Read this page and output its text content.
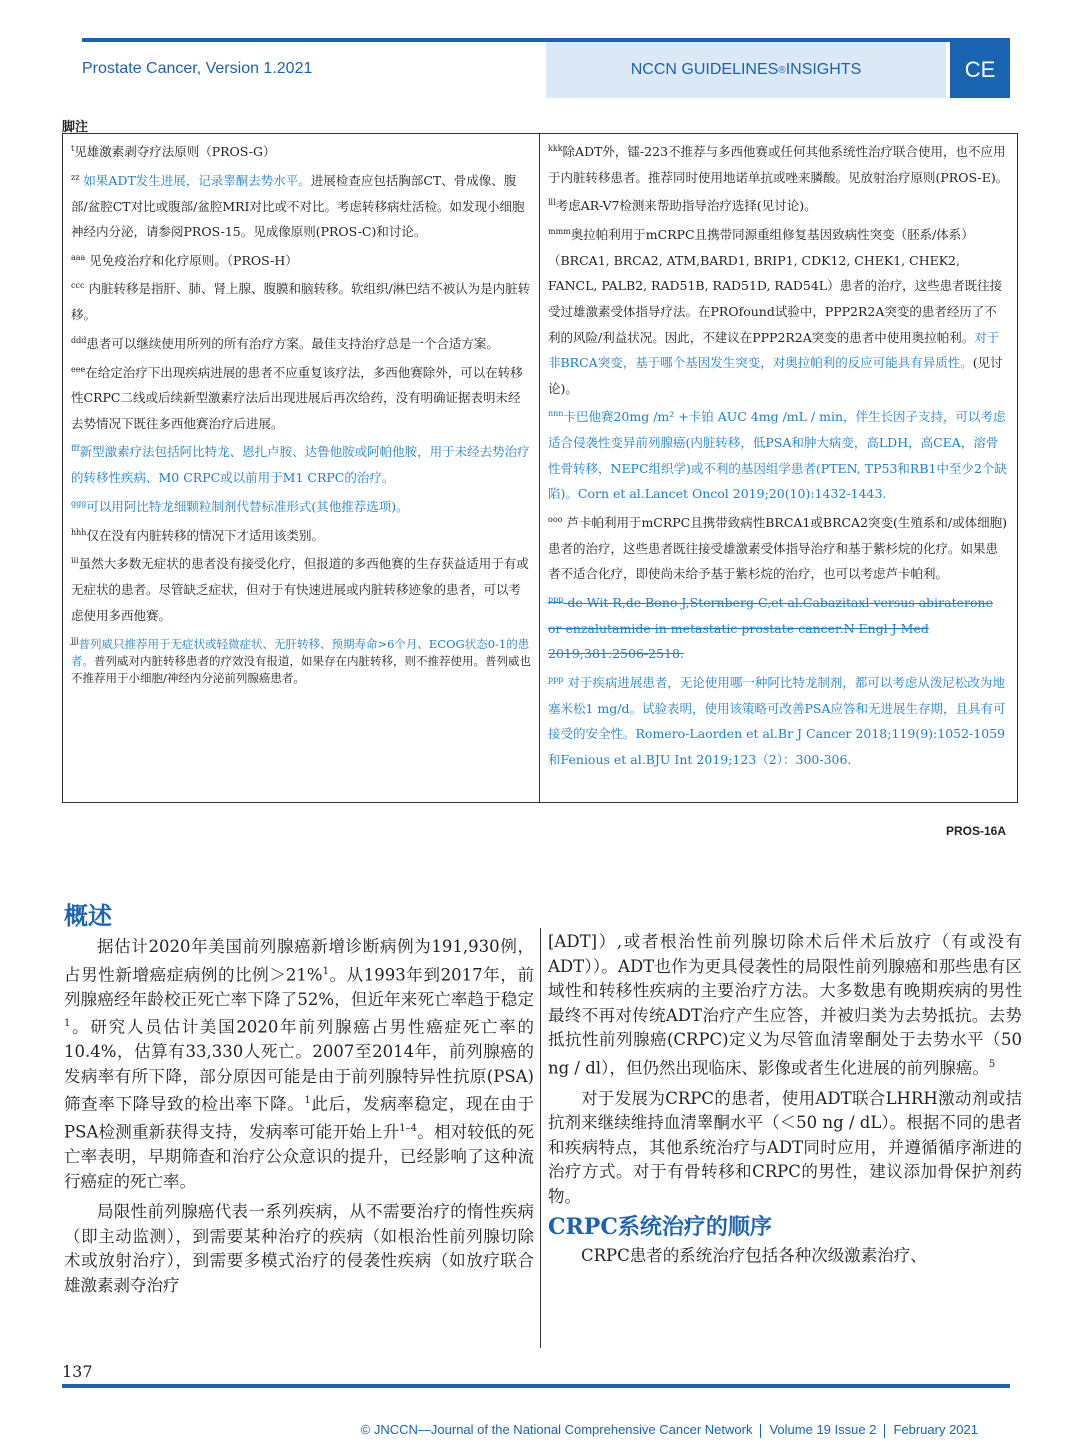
Prostate Cancer, Version 1.2021	NCCN GUIDELINES ® INSIGHTS	CE
脚注

$^t$见雄激素剥夺疗法原则（PROS-G）

$^{zz}$ 如果ADT发生进展，记录睾酮去势水平。进展检查应包括胸部CT、骨成像、腹部/盆腔CT对比或腹部/盆腔MRI对比或不对比。考虑转移病灶活检。如发现小细胞神经内分泌，请参阅PROS-15。见成像原则(PROS-C)和讨论。

$^{aaa}$ 见免疫治疗和化疗原则。（PROS-H）

$^{ccc}$ 内脏转移是指肝、肺、肾上腺、腹膜和脑转移。软组织/淋巴结不被认为是内脏转移。

$^{ddd}$患者可以继续使用所列的所有治疗方案。最佳支持治疗总是一个合适方案。

$^{eee}$在给定治疗下出现疾病进展的患者不应重复该疗法，多西他赛除外，可以在转移性CRPC二线或后续新型激素疗法后出现进展后再次给药，没有明确证据表明未经去势情况下既往多西他赛治疗后进展。

$^{fff}$新型激素疗法包括阿比特龙、恩扎卢胺、达鲁他胺或阿帕他胺，用于未经去势治疗的转移性疾病、M0 CRPC或以前用于M1 CRPC的治疗。

$^{ggg}$可以用阿比特龙细颗粒制剂代替标准形式(其他推荐选项)。

$^{hhh}$仅在没有内脏转移的情况下才适用该类别。

$^{iii}$虽然大多数无症状的患者没有接受化疗，但报道的多西他赛的生存获益适用于有或无症状的患者。尽管缺乏症状，但对于有快速进展或内脏转移迹象的患者，可以考虑使用多西他赛。

$^{jjj}$普列威只推荐用于无症状或轻微症状、无肝转移、预期寿命>6个月、ECOG状态0-1的患者。普列威对内脏转移患者的疗效没有报道，如果存在内脏转移，则不推荐使用。普列威也不推荐用于小细胞/神经内分泌前列腺癌患者。

$^{kkk}$除ADT外，镭-223不推荐与多西他赛或任何其他系统性治疗联合使用，也不应用于内脏转移患者。推荐同时使用地诺单抗或唑来膦酸。见放射治疗原则(PROS-E)。

$^{lll}$考虑AR-V7检测来帮助指导治疗选择(见讨论)。

$^{mmm}$奥拉帕利用于mCRPC且携带同源重组修复基因致病性突变（胚系/体系）（BRCA1, BRCA2, ATM,BARD1, BRIP1, CDK12, CHEK1, CHEK2, FANCL, PALB2, RAD51B, RAD51D, RAD54L）患者的治疗，这些患者既往接受过雄激素受体指导疗法。在PROfound试验中，PPP2R2A突变的患者经历了不利的风险/利益状况。因此，不建议在PPP2R2A突变的患者中使用奥拉帕利。对于非BRCA突变，基于哪个基因发生突变，对奥拉帕利的反应可能具有异质性。(见讨论)。

$^{nnn}$卡巴他赛20mg /m² +卡铂 AUC 4mg /mL / min，伴生长因子支持，可以考虑适合侵袭性变异前列腺癌(内脏转移，低PSA和肿大病变，高LDH，高CEA，溶骨性骨转移，NEPC组织学)或不利的基因组学患者(PTEN, TP53和RB1中至少2个缺陷)。Corn et al.Lancet Oncol 2019;20(10):1432-1443.

$^{ooo}$ 芦卡帕利用于mCRPC且携带致病性BRCA1或BRCA2突变(生殖系和/或体细胞)患者的治疗，这些患者既往接受雄激素受体指导治疗和基于紫杉烷的化疗。如果患者不适合化疗，即使尚未给予基于紫杉烷的治疗，也可以考虑芦卡帕利。

$^{ppp}$ de Wit R,de Bono J,Sternberg C,et al.Cabazitaxl versus abiraterone or enzalutamide in metastatic prostate cancer.N Engl J Med 2019;381:2506-2518.

$^{ppp}$ 对于疾病进展患者，无论使用哪一种阿比特龙制剂，都可以考虑从泼尼松改为地塞米松1 mg/d。试验表明，使用该策略可改善PSA应答和无进展生存期，且具有可接受的安全性。Romero-Laorden et al.Br J Cancer 2018;119(9):1052-1059和Fenious et al.BJU Int 2019;123（2）：300-306.

PROS-16A
概述

据估计2020年美国前列腺癌新增诊断病例为191,930例，占男性新增癌症病例的比例＞21%$^1$。从1993年到2017年，前列腺癌经年龄校正死亡率下降了52%，但近年来死亡率趋于稳定$^1$。研究人员估计美国2020年前列腺癌占男性癌症死亡率的10.4%，估算有33,330人死亡。2007至2014年，前列腺癌的发病率有所下降，部分原因可能是由于前列腺特异性抗原(PSA)筛查率下降导致的检出率下降。$^1$此后，发病率稳定，现在由于PSA检测重新获得支持，发病率可能开始上升$^{1-4}$。相对较低的死亡率表明，早期筛查和治疗公众意识的提升，已经影响了这种流行癌症的死亡率。

局限性前列腺癌代表一系列疾病，从不需要治疗的惰性疾病（即主动监测），到需要某种治疗的疾病（如根治性前列腺切除术或放射治疗），到需要多模式治疗的侵袭性疾病（如放疗联合雄激素剥夺治疗

[ADT]）,或者根治性前列腺切除术后伴术后放疗（有或没有ADT））。ADT也作为更具侵袭性的局限性前列腺癌和那些患有区域性和转移性疾病的主要治疗方法。大多数患有晚期疾病的男性最终不再对传统ADT治疗产生应答，并被归类为去势抵抗。去势抵抗性前列腺癌(CRPC)定义为尽管血清睾酮处于去势水平（50 ng / dl），但仍然出现临床、影像或者生化进展的前列腺癌。$^5$

对于发展为CRPC的患者，使用ADT联合LHRH激动剂或拮抗剂来继续维持血清睾酮水平（＜50 ng / dL）。根据不同的患者和疾病特点，其他系统治疗与ADT同时应用，并遵循循序渐进的治疗方式。对于有骨转移和CRPC的男性，建议添加骨保护剂药物。

CRPC系统治疗的顺序

CRPC患者的系统治疗包括各种次级激素治疗、

137
© JNCCN—Journal of the National Comprehensive Cancer Network Volume 19 Issue 2 February 2021
